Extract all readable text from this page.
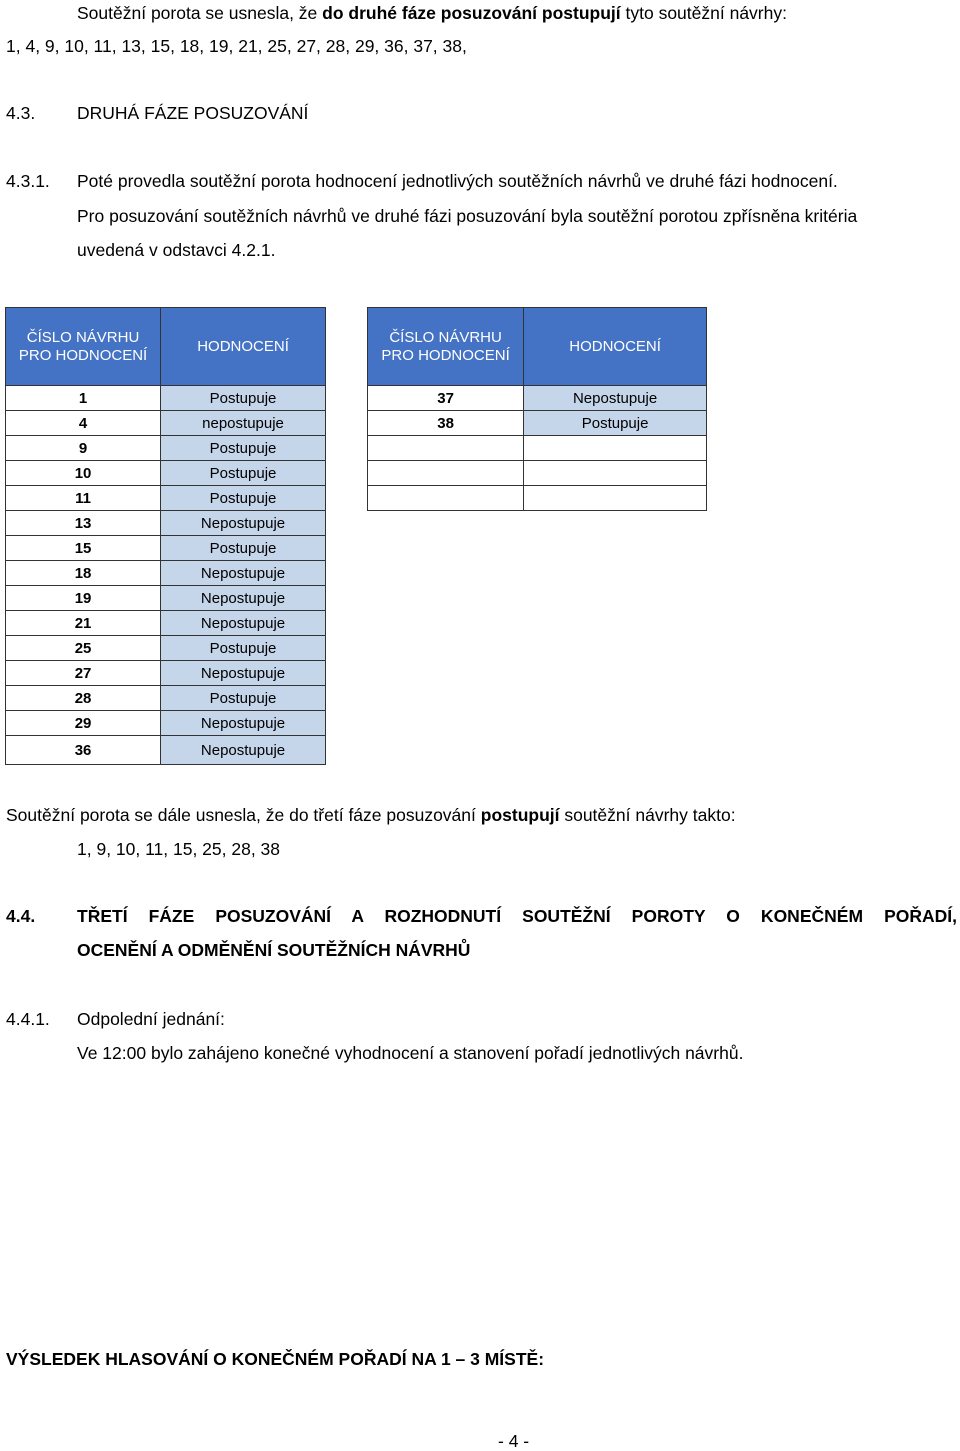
Soutěžní porota se usnesla, že do druhé fáze posuzování postupují tyto soutěžní návrhy:
1, 4, 9, 10, 11, 13, 15, 18, 19, 21, 25, 27, 28, 29, 36, 37, 38,
4.3. DRUHÁ FÁZE POSUZOVÁNÍ
4.3.1. Poté provedla soutěžní porota hodnocení jednotlivých soutěžních návrhů ve druhé fázi hodnocení.
Pro posuzování soutěžních návrhů ve druhé fázi posuzování byla soutěžní porotou zpřísněna kritéria
uvedená v odstavci 4.2.1.
ČÍSLO NÁVRHU
PRO HODNOCENÍ	HODNOCENÍ
1	Postupuje
4	nepostupuje
9	Postupuje
10	Postupuje
11	Postupuje
13	Nepostupuje
15	Postupuje
18	Nepostupuje
19	Nepostupuje
21	Nepostupuje
25	Postupuje
27	Nepostupuje
28	Postupuje
29	Nepostupuje
36	Nepostupuje
ČÍSLO NÁVRHU
PRO HODNOCENÍ	HODNOCENÍ
37	Nepostupuje
38	Postupuje

Soutěžní porota se dále usnesla, že do třetí fáze posuzování postupují soutěžní návrhy takto:
1, 9, 10, 11, 15, 25, 28, 38
4.4. TŘETÍ FÁZE POSUZOVÁNÍ A ROZHODNUTÍ SOUTĚŽNÍ POROTY O KONEČNÉM POŘADÍ,
OCENĚNÍ A ODMĚNĚNÍ SOUTĚŽNÍCH NÁVRHŮ
4.4.1. Odpolední jednání:
Ve 12:00 bylo zahájeno konečné vyhodnocení a stanovení pořadí jednotlivých návrhů.
VÝSLEDEK HLASOVÁNÍ O KONEČNÉM POŘADÍ NA 1 – 3 MÍSTĚ:
- 4 -
